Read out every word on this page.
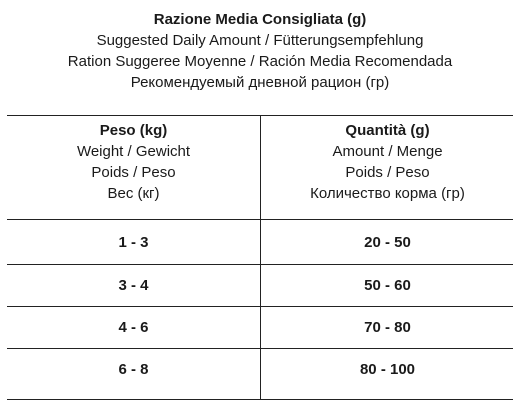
Razione Media Consigliata (g)
Suggested Daily Amount / Fütterungsempfehlung
Ration Suggeree Moyenne / Ración Media Recomendada
Рекомендуемый дневной рацион (гр)
Peso (kg)
Weight / Gewicht
Poids / Peso
Вес (кг)
Quantità (g)
Amount / Menge
Poids / Peso
Количество корма (гр)
1 - 3	20 - 50
3 - 4	50 - 60
4 - 6	70 - 80
6 - 8	80 - 100
